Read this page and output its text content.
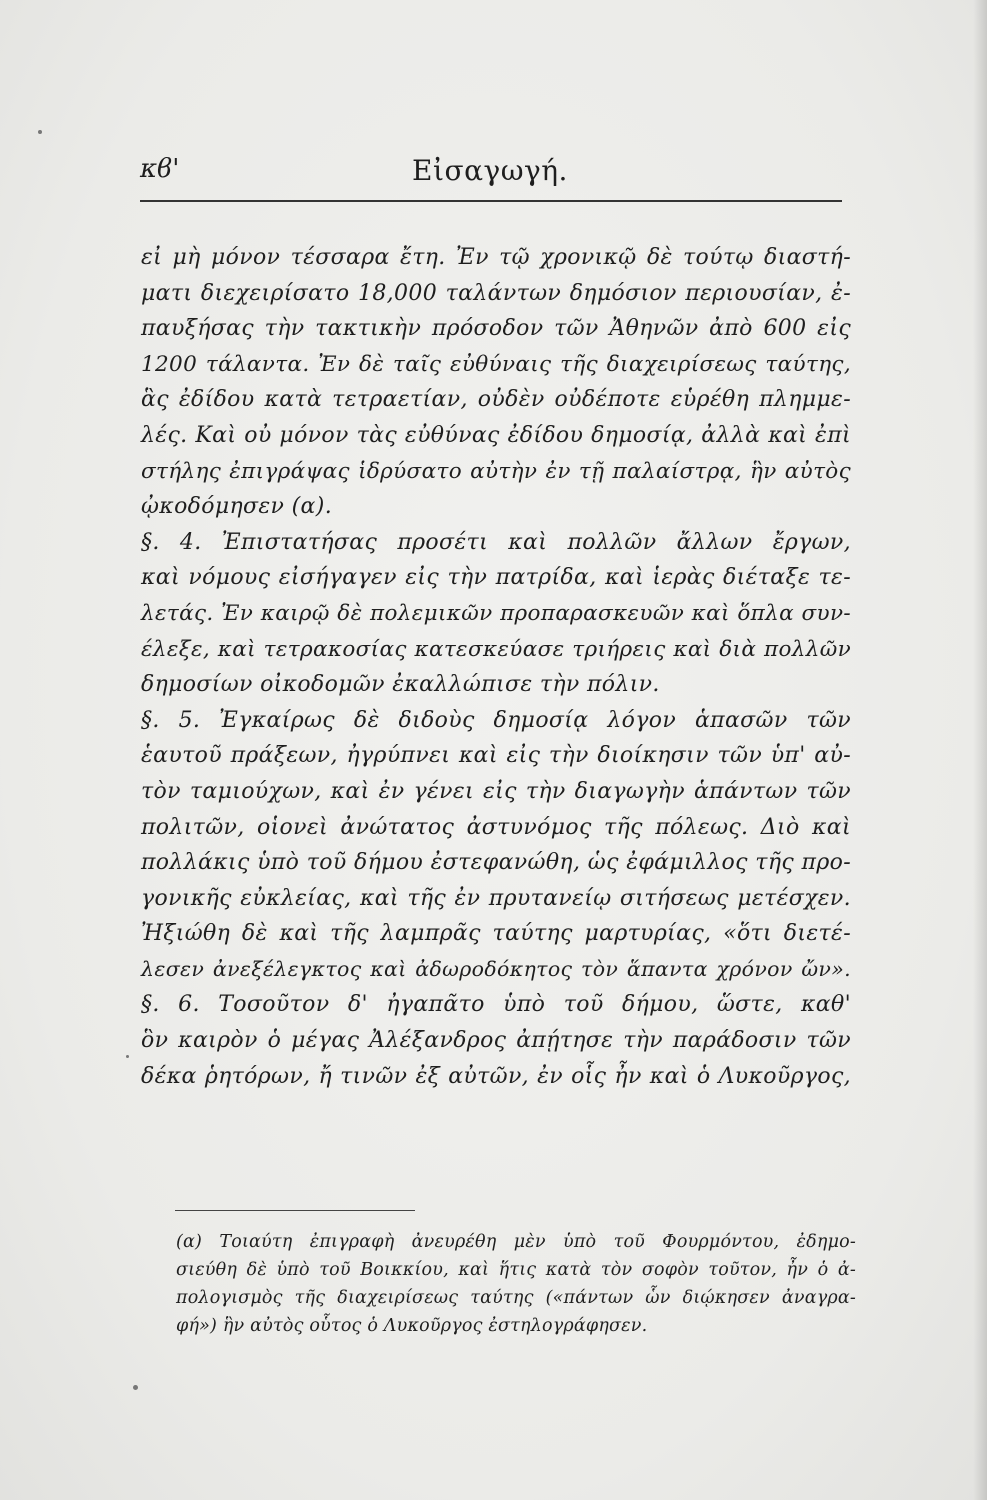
κϐ'	Εἰσαγωγή.
εἰ μὴ μόνον τέσσαρα ἔτη. Ἐν τῷ χρονικῷ δὲ τούτῳ διαστή-
ματι διεχειρίσατο 18,000 ταλάντων δημόσιον περιουσίαν, ἐ-
παυξήσας τὴν τακτικὴν πρόσοδον τῶν Ἀθηνῶν ἀπὸ 600 εἰς
1200 τάλαντα. Ἐν δὲ ταῖς εὐθύναις τῆς διαχειρίσεως ταύτης,
ἃς ἐδίδου κατὰ τετραετίαν, οὐδὲν οὐδέποτε εὑρέθη πλημμε-
λές. Καὶ οὐ μόνον τὰς εὐθύνας ἐδίδου δημοσίᾳ, ἀλλὰ καὶ ἐπὶ
στήλης ἐπιγράψας ἱδρύσατο αὐτὴν ἐν τῇ παλαίστρᾳ, ἣν αὐτὸς
ᾠκοδόμησεν (α).
§. 4. Ἐπιστατήσας προσέτι καὶ πολλῶν ἄλλων ἔργων,
καὶ νόμους εἰσήγαγεν εἰς τὴν πατρίδα, καὶ ἱερὰς διέταξε τε-
λετάς. Ἐν καιρῷ δὲ πολεμικῶν προπαρασκευῶν καὶ ὅπλα συν-
έλεξε, καὶ τετρακοσίας κατεσκεύασε τριήρεις καὶ διὰ πολλῶν
δημοσίων οἰκοδομῶν ἐκαλλώπισε τὴν πόλιν.
§. 5. Ἐγκαίρως δὲ διδοὺς δημοσίᾳ λόγον ἁπασῶν τῶν
ἑαυτοῦ πράξεων, ἠγρύπνει καὶ εἰς τὴν διοίκησιν τῶν ὑπ' αὐ-
τὸν ταμιούχων, καὶ ἐν γένει εἰς τὴν διαγωγὴν ἁπάντων τῶν
πολιτῶν, οἱονεὶ ἀνώτατος ἀστυνόμος τῆς πόλεως. Διὸ καὶ
πολλάκις ὑπὸ τοῦ δήμου ἐστεφανώθη, ὡς ἐφάμιλλος τῆς προ-
γονικῆς εὐκλείας, καὶ τῆς ἐν πρυτανείῳ σιτήσεως μετέσχεν.
Ἠξιώθη δὲ καὶ τῆς λαμπρᾶς ταύτης μαρτυρίας, «ὅτι διετέ-
λεσεν ἀνεξέλεγκτος καὶ ἀδωροδόκητος τὸν ἅπαντα χρόνον ὤν».
§. 6. Τοσοῦτον δ' ἠγαπᾶτο ὑπὸ τοῦ δήμου, ὥστε, καθ'
ὃν καιρὸν ὁ μέγας Ἀλέξανδρος ἀπῄτησε τὴν παράδοσιν τῶν
δέκα ῥητόρων, ἤ τινῶν ἐξ αὐτῶν, ἐν οἷς ἦν καὶ ὁ Λυκοῦργος,
(α) Τοιαύτη ἐπιγραφὴ ἀνευρέθη μὲν ὑπὸ τοῦ Φουρμόντου, ἐδημο-
σιεύθη δὲ ὑπὸ τοῦ Βοικκίου, καὶ ἥτις κατὰ τὸν σοφὸν τοῦτον, ἦν ὁ ἀ-
πολογισμὸς τῆς διαχειρίσεως ταύτης («πάντων ὧν διῴκησεν ἀναγρα-
φή») ἣν αὐτὸς οὗτος ὁ Λυκοῦργος ἐστηλογράφησεν.
